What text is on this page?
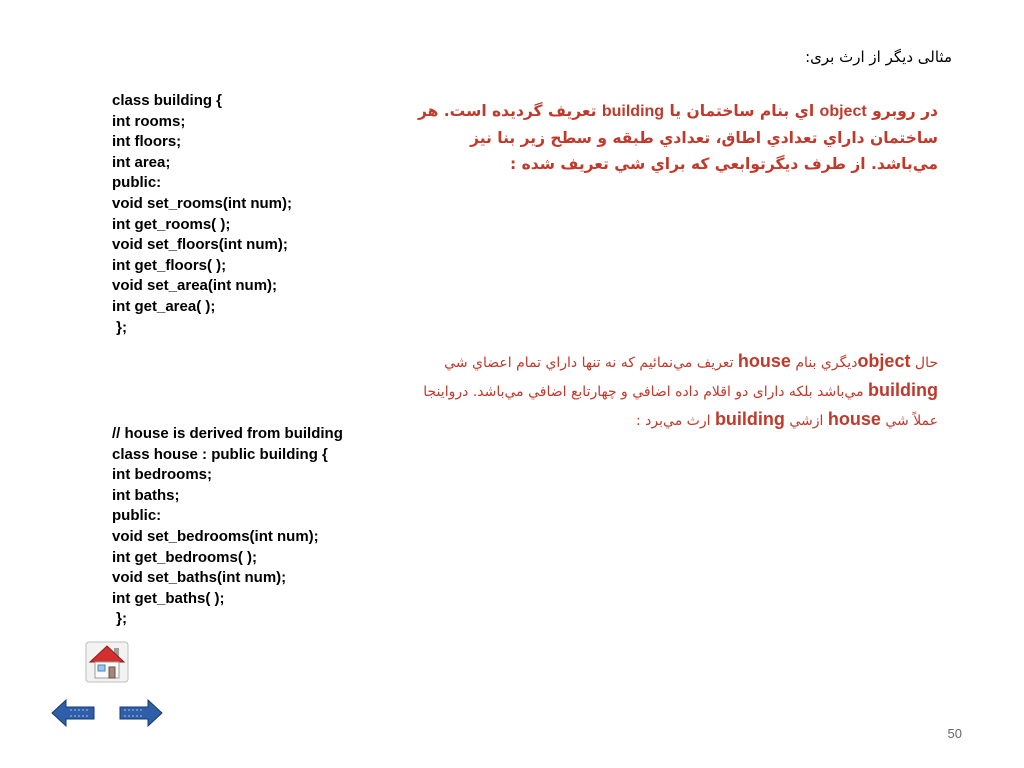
مثالی دیگر از ارث بری:
class building {
int rooms;
int floors;
int area;
public:
void set_rooms(int num);
int get_rooms( );
void set_floors(int num);
int get_floors( );
void set_area(int num);
int get_area( );
};
// house is derived from building
class house : public building {
int bedrooms;
int baths;
public:
void set_bedrooms(int num);
int get_bedrooms( );
void set_baths(int num);
int get_baths( );
};

در روبرو object اي بنام ساختمان يا building تعريف گرديده است. هر ساختمان داراي تعدادي اطاق، تعدادي طبقه و سطح زير بنا نيز مي‌باشد. از طرف ديگرتوابعي كه براي شي تعريف شده :

حال objectديگري بنام house تعريف مي‌نمائيم كه نه تنها داراي تمام اعضاي شي building مي‌باشد بلكه دارای دو اقلام داده اضافي و چهارتابع اضافي مي‌باشد. درواينجا عملاً شي house ازشي building ارث مي‌برد :

50
